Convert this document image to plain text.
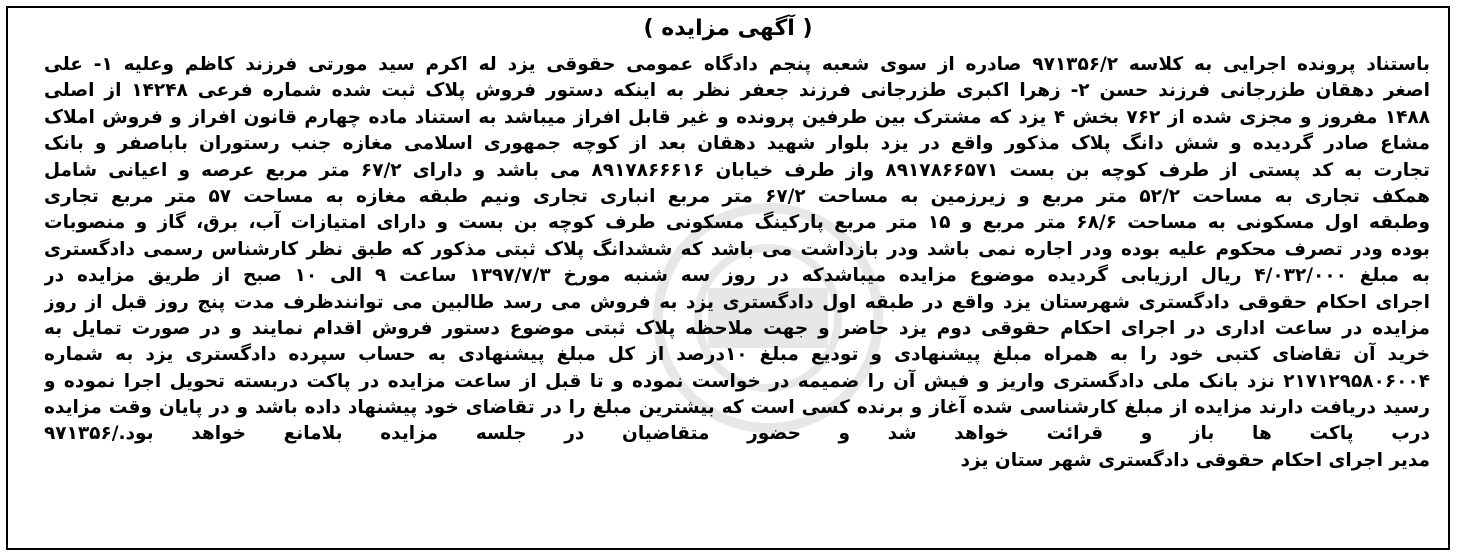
( آگهی مزایده )
باستناد پرونده اجرایی به کلاسه ۹۷۱۳۵۶/۲ صادره از سوی شعبه پنجم دادگاه عمومی حقوقی یزد له اکرم سید مورتی فرزند کاظم وعلیه ۱- علی
اصغر دهقان طزرجانی فرزند حسن ۲- زهرا اکبری طزرجانی فرزند جعفر نظر به اینکه دستور فروش پلاک ثبت شده شماره فرعی ۱۴۲۴۸ از اصلی
۱۴۸۸ مفروز و مجزی شده از ۷۶۲ بخش ۴ یزد که مشترک بین طرفین پرونده و غیر قابل افراز میباشد به استناد ماده چهارم قانون افراز و فروش املاک
مشاع صادر گردیده و شش دانگ پلاک مذکور واقع در یزد بلوار شهید دهقان بعد از کوچه جمهوری اسلامی مغازه جنب رستوران باباصفر و بانک
تجارت به کد پستی از طرف کوچه بن بست ۸۹۱۷۸۶۶۵۷۱ واز طرف خیابان ۸۹۱۷۸۶۶۶۱۶ می باشد و دارای ۶۷/۲ متر مربع عرصه و اعیانی شامل
همکف تجاری به مساحت ۵۲/۲ متر مربع و زیرزمین به مساحت ۶۷/۲ متر مربع انباری تجاری ونیم طبقه مغازه به مساحت ۵۷ متر مربع تجاری
وطبقه اول مسکونی به مساحت ۶۸/۶ متر مربع و ۱۵ متر مربع پارکینگ مسکونی طرف کوچه بن بست و دارای امتیازات آب، برق، گاز و منصوبات
بوده ودر تصرف محکوم علیه بوده ودر اجاره نمی باشد ودر بازداشت می باشد که ششدانگ پلاک ثبتی مذکور که طبق نظر کارشناس رسمی دادگستری
به مبلغ ۴/۰۳۲/۰۰۰ ریال ارزیابی گردیده موضوع مزایده میباشدکه در روز سه شنبه مورخ ۱۳۹۷/۷/۳ ساعت ۹ الی ۱۰ صبح از طریق مزایده در
اجرای احکام حقوقی دادگستری شهرستان یزد واقع در طبقه اول دادگستری یزد به فروش می رسد طالبین می توانندظرف مدت پنج روز قبل از روز
مزایده در ساعت اداری در اجرای احکام حقوقی دوم یزد حاضر و جهت ملاحظه پلاک ثبتی موضوع دستور فروش اقدام نمایند و در صورت تمایل به
خرید آن تقاضای کتبی خود را به همراه مبلغ پیشنهادی و تودیع مبلغ ۱۰درصد از کل مبلغ پیشنهادی به حساب سپرده دادگستری یزد به شماره
۲۱۷۱۲۹۵۸۰۶۰۰۴ نزد بانک ملی دادگستری واریز و فیش آن را ضمیمه در خواست نموده و تا قبل از ساعت مزایده در پاکت دربسته تحویل اجرا نموده و
رسید دریافت دارند مزایده از مبلغ کارشناسی شده آغاز و برنده کسی است که بیشترین مبلغ را در تقاضای خود پیشنهاد داده باشد و در پایان وقت مزایده
درب پاکت ها باز و قرائت خواهد شد و حضور متقاضیان در جلسه مزایده بلامانع خواهد بود./۹۷۱۳۵۶
مدیر اجرای احکام حقوقی دادگستری شهر ستان یزد
